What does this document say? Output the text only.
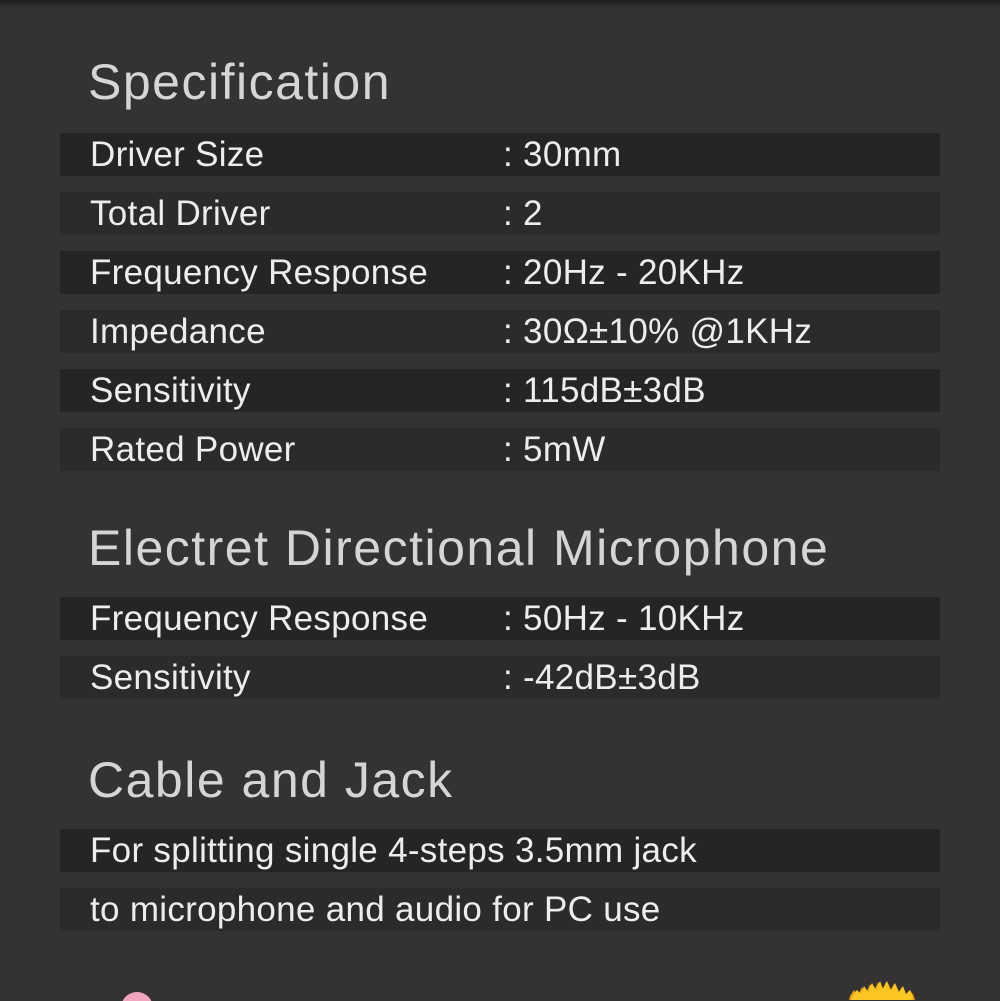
Specification
Driver Size	: 30mm
Total Driver	: 2
Frequency Response : 20Hz - 20KHz
Impedance	: 30Ω±10% @1KHz
Sensitivity	: 115dB±3dB
Rated Power	: 5mW
Electret Directional Microphone
Frequency Response : 50Hz - 10KHz
Sensitivity	: -42dB±3dB
Cable and Jack
For splitting single 4-steps 3.5mm jack
to microphone and audio for PC use
